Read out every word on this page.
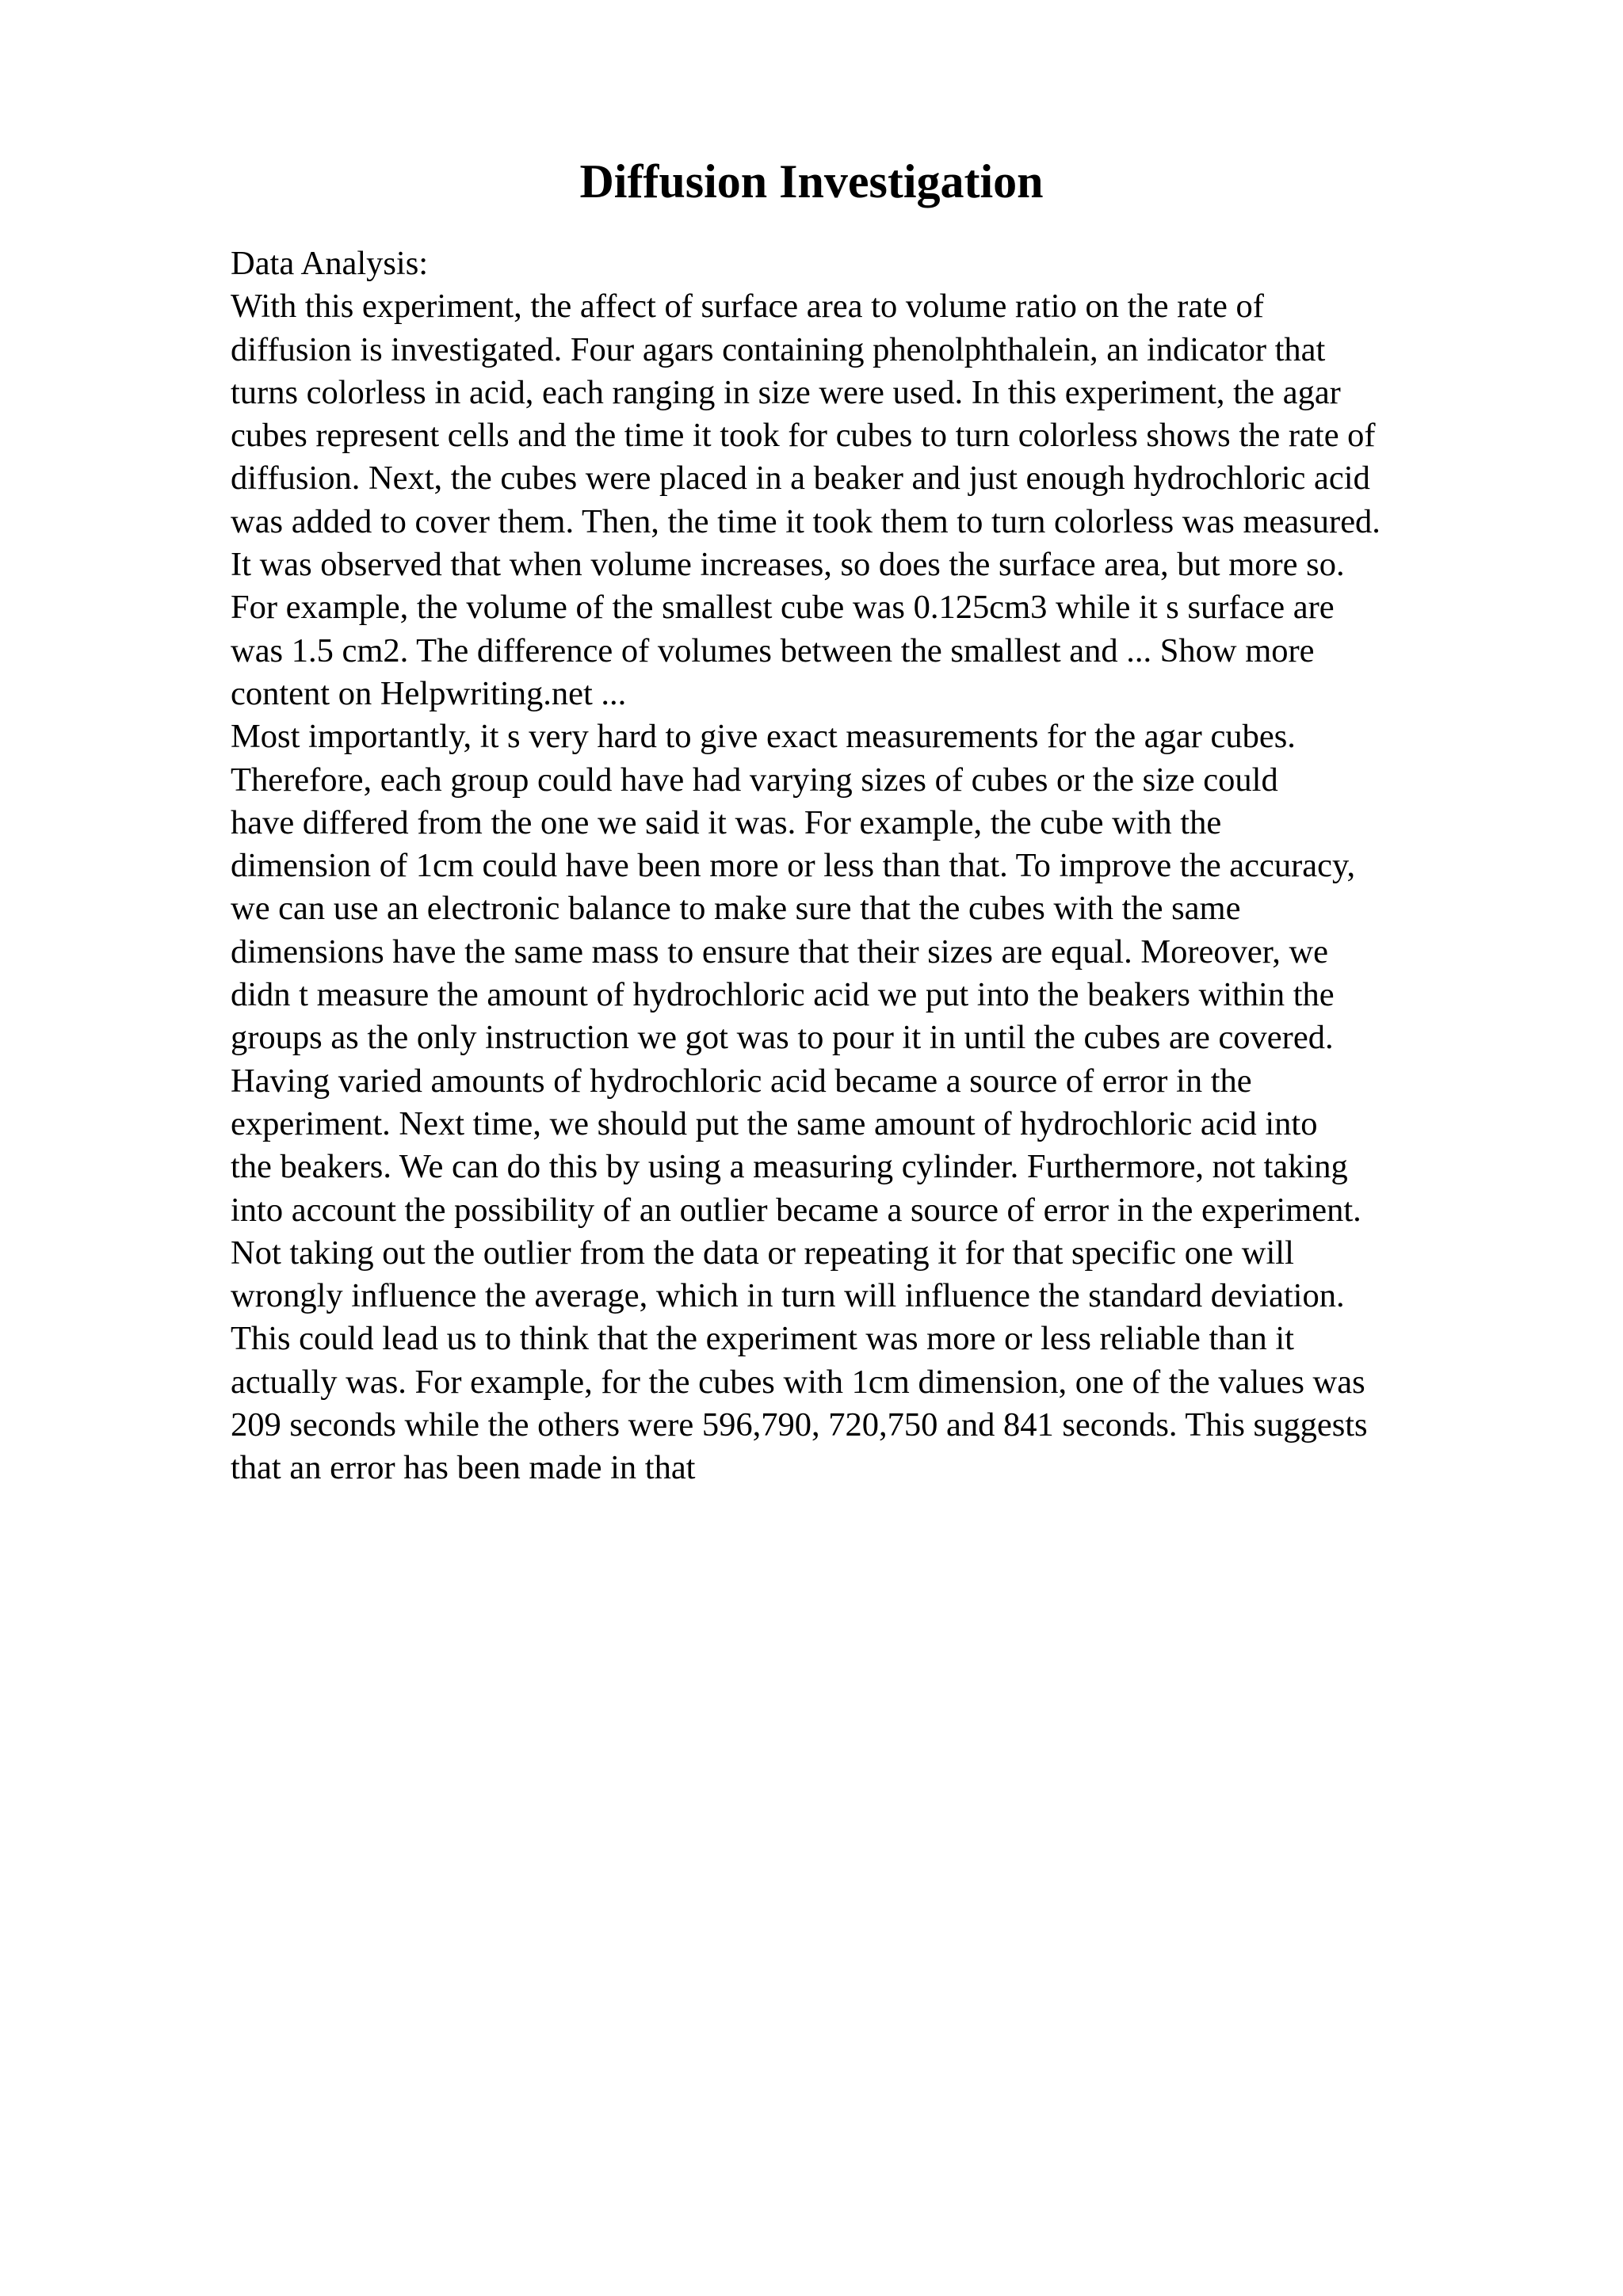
Diffusion Investigation
Data Analysis:
With this experiment, the affect of surface area to volume ratio on the rate of
diffusion is investigated. Four agars containing phenolphthalein, an indicator that
turns colorless in acid, each ranging in size were used. In this experiment, the agar
cubes represent cells and the time it took for cubes to turn colorless shows the rate of
diffusion. Next, the cubes were placed in a beaker and just enough hydrochloric acid
was added to cover them. Then, the time it took them to turn colorless was measured.
It was observed that when volume increases, so does the surface area, but more so.
For example, the volume of the smallest cube was 0.125cm3 while it s surface are
was 1.5 cm2. The difference of volumes between the smallest and ... Show more
content on Helpwriting.net ...
Most importantly, it s very hard to give exact measurements for the agar cubes.
Therefore, each group could have had varying sizes of cubes or the size could
have differed from the one we said it was. For example, the cube with the
dimension of 1cm could have been more or less than that. To improve the accuracy,
we can use an electronic balance to make sure that the cubes with the same
dimensions have the same mass to ensure that their sizes are equal. Moreover, we
didn t measure the amount of hydrochloric acid we put into the beakers within the
groups as the only instruction we got was to pour it in until the cubes are covered.
Having varied amounts of hydrochloric acid became a source of error in the
experiment. Next time, we should put the same amount of hydrochloric acid into
the beakers. We can do this by using a measuring cylinder. Furthermore, not taking
into account the possibility of an outlier became a source of error in the experiment.
Not taking out the outlier from the data or repeating it for that specific one will
wrongly influence the average, which in turn will influence the standard deviation.
This could lead us to think that the experiment was more or less reliable than it
actually was. For example, for the cubes with 1cm dimension, one of the values was
209 seconds while the others were 596,790, 720,750 and 841 seconds. This suggests
that an error has been made in that
